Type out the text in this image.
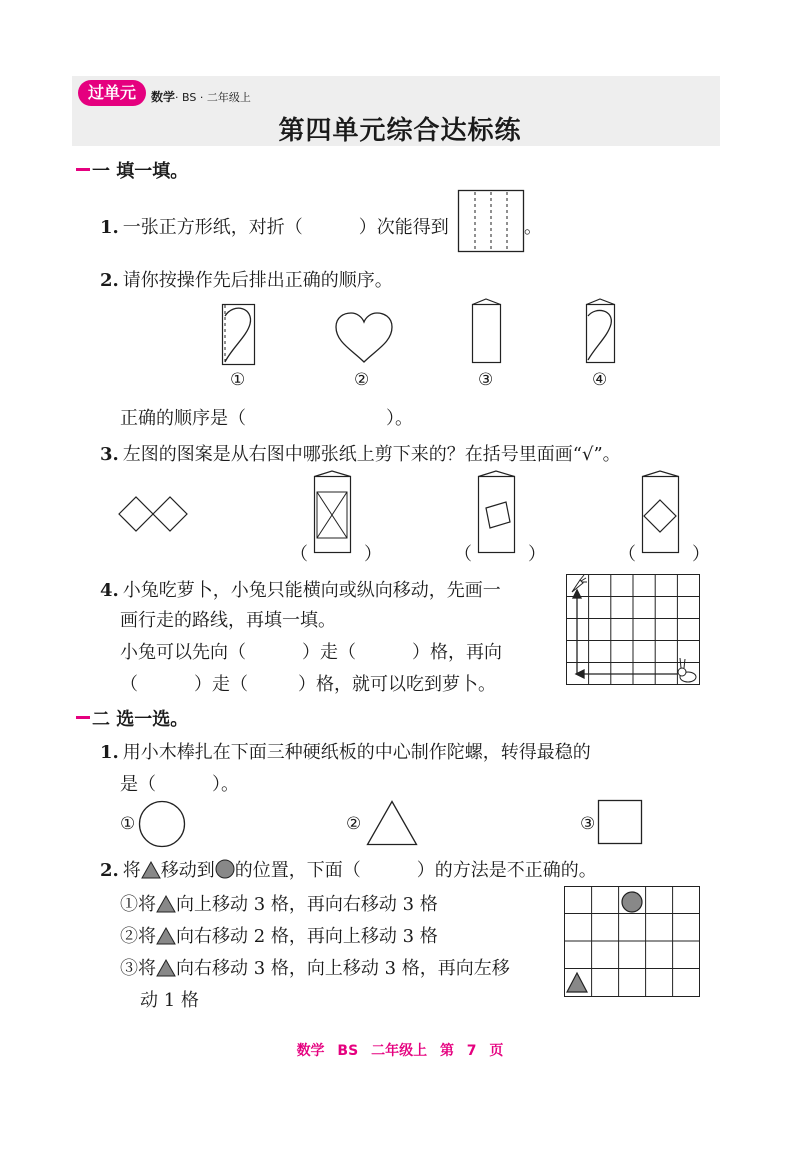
过单元	数学· BS · 二年级上
第四单元综合达标练
一 填一填。
1. 一张正方形纸，对折（	）次能得到	。
2. 请你按操作先后排出正确的顺序。
①	②	③	④
正确的顺序是（	）。
3. 左图的图案是从右图中哪张纸上剪下来的？在括号里面画“√”。
（	）	（	）	（	）
4. 小兔吃萝卜，小兔只能横向或纵向移动，先画一
画行走的路线，再填一填。
小兔可以先向（	）走（	）格，再向
（	）走（	）格，就可以吃到萝卜。
二 选一选。
1. 用小木棒扎在下面三种硬纸板的中心制作陀螺，转得最稳的
是（	）。
①	②	③
2. 将 移动到 的位置，下面（	）的方法是不正确的。
①将 向上移动 3 格，再向右移动 3 格
②将 向右移动 2 格，再向上移动 3 格
③将 向右移动 3 格，向上移动 3 格，再向左移
动 1 格
数学 BS 二年级上 第 7 页
